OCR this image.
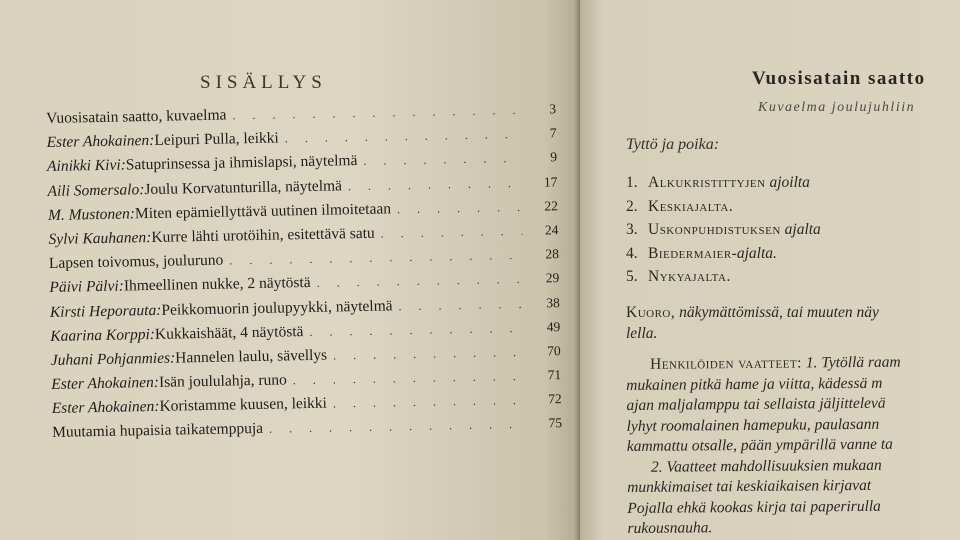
SISÄLLYS
Vuosisatain saatto, kuvaelma . . .	3
Ester Ahokainen: Leipuri Pulla, leikki . . .	7
Ainikki Kivi: Satuprinsessa ja ihmislapsi, näytelmä . . .	9
Aili Somersalo: Joulu Korvatunturilla, näytelmä . . .	17
M. Mustonen: Miten epämiellyttävä uutinen ilmoitetaan . . .	22
Sylvi Kauhanen: Kurre lähti urotöihin, esitettävä satu . . .	24
Lapsen toivomus, jouluruno . . .	28
Päivi Pälvi: Ihmeellinen nukke, 2 näytöstä . . .	29
Kirsti Heporauta: Peikkomuorin joulupyykki, näytelmä . . .	38
Kaarina Korppi: Kukkaishäät, 4 näytöstä . . .	49
Juhani Pohjanmies: Hannelen laulu, sävellys . . .	70
Ester Ahokainen: Isän joululahja, runo . . .	71
Ester Ahokainen: Koristamme kuusen, leikki . . .	72
Muutamia hupaisia taikatemppuja . . .	75
Vuosisatain saatto
Kuvaelma joulujuhliin
Tyttö ja poika:
1. Alkukristittyjen ajoilta
2. Keskiajalta.
3. Uskonpuhdistuksen ajalta
4. Biedermaier-ajalta.
5. Nykyajalta.
Kuoro, näkymättömissä, tai muuten näy
lella.
Henkilöiden vaatteet: 1. Tytöllä raam
mukainen pitkä hame ja viitta, kädessä m
ajan maljalamppu tai sellaista jäljittelevä
lyhyt roomalainen hamepuku, paulasann
kammattu otsalle, pään ympärillä vanne ta
2. Vaatteet mahdollisuuksien mukaan
munkkimaiset tai keskiaikaisen kirjavat
Pojalla ehkä kookas kirja tai paperirulla
rukousnauha.
